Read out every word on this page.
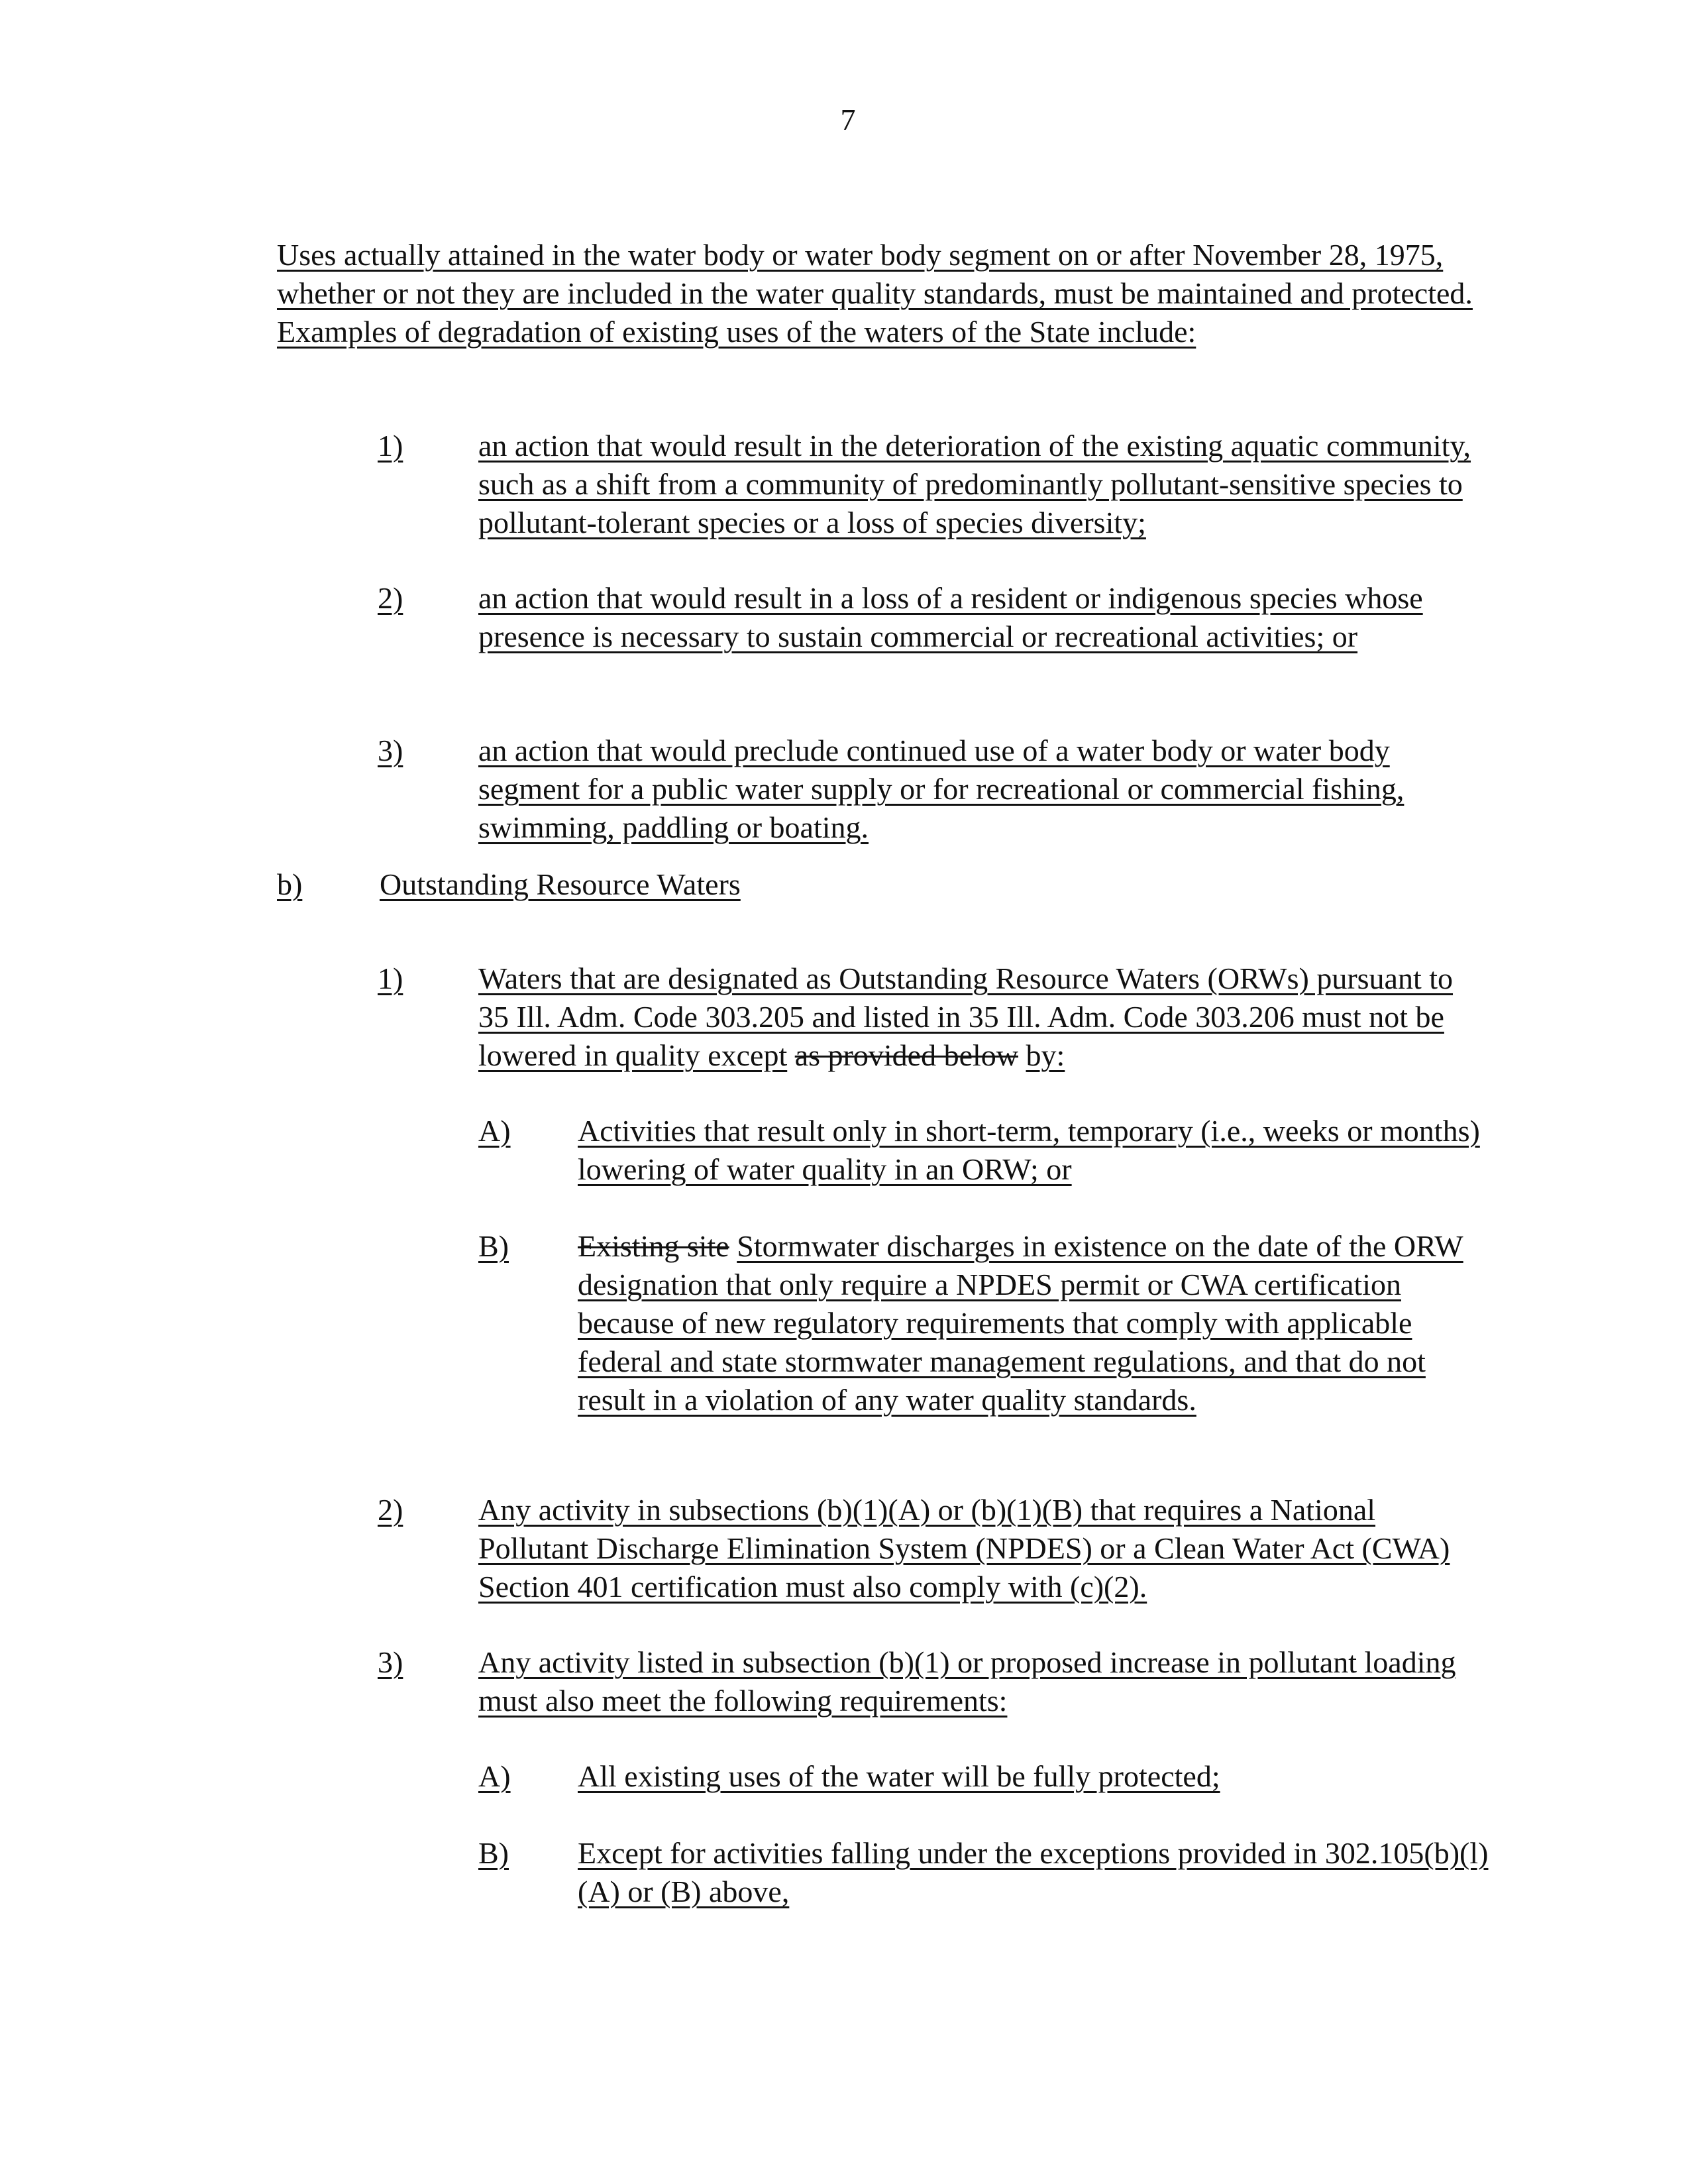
7
Uses actually attained in the water body or water body segment on or after November 28, 1975, whether or not they are included in the water quality standards, must be maintained and protected. Examples of degradation of existing uses of the waters of the State include:
1)	an action that would result in the deterioration of the existing aquatic community, such as a shift from a community of predominantly pollutant-sensitive species to pollutant-tolerant species or a loss of species diversity;
2)	an action that would result in a loss of a resident or indigenous species whose presence is necessary to sustain commercial or recreational activities; or
3)	an action that would preclude continued use of a water body or water body segment for a public water supply or for recreational or commercial fishing, swimming, paddling or boating.
b)	Outstanding Resource Waters
1)	Waters that are designated as Outstanding Resource Waters (ORWs) pursuant to 35 Ill. Adm. Code 303.205 and listed in 35 Ill. Adm. Code 303.206 must not be lowered in quality except as provided below by:
A)	Activities that result only in short-term, temporary (i.e., weeks or months) lowering of water quality in an ORW; or
B)	Existing site Stormwater discharges in existence on the date of the ORW designation that only require a NPDES permit or CWA certification because of new regulatory requirements that comply with applicable federal and state stormwater management regulations, and that do not result in a violation of any water quality standards.
2)	Any activity in subsections (b)(1)(A) or (b)(1)(B) that requires a National Pollutant Discharge Elimination System (NPDES) or a Clean Water Act (CWA) Section 401 certification must also comply with (c)(2).
3)	Any activity listed in subsection (b)(1) or proposed increase in pollutant loading must also meet the following requirements:
A)	All existing uses of the water will be fully protected;
B)	Except for activities falling under the exceptions provided in 302.105(b)(l)(A) or (B) above,
